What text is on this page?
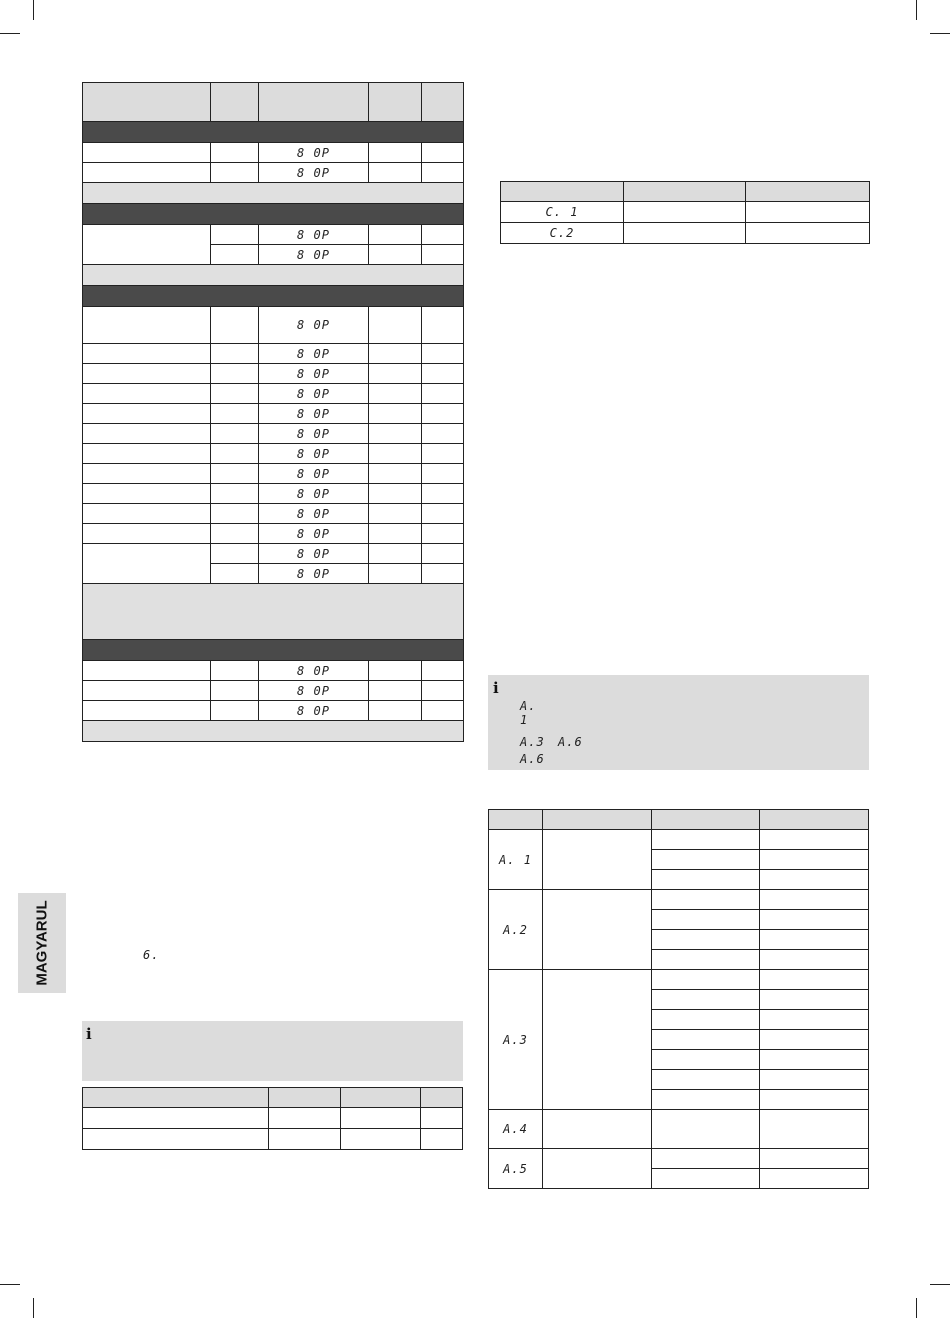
		8 0P		
		8 0P		

		8 0P		
		8 0P		

		8 0P		
		8 0P		
		8 0P		
		8 0P		
		8 0P		
		8 0P		
		8 0P		
		8 0P		
		8 0P		
		8 0P		
		8 0P		
		8 0P		
		8 0P		

		8 0P		
		8 0P		
		8 0P		

MAGYARUL	6.
i

C. 1		
C.2		
i
A. 1
A.3	A.6
A.6

A. 1			

A.2			

A.3			

A.4			
A.5			
